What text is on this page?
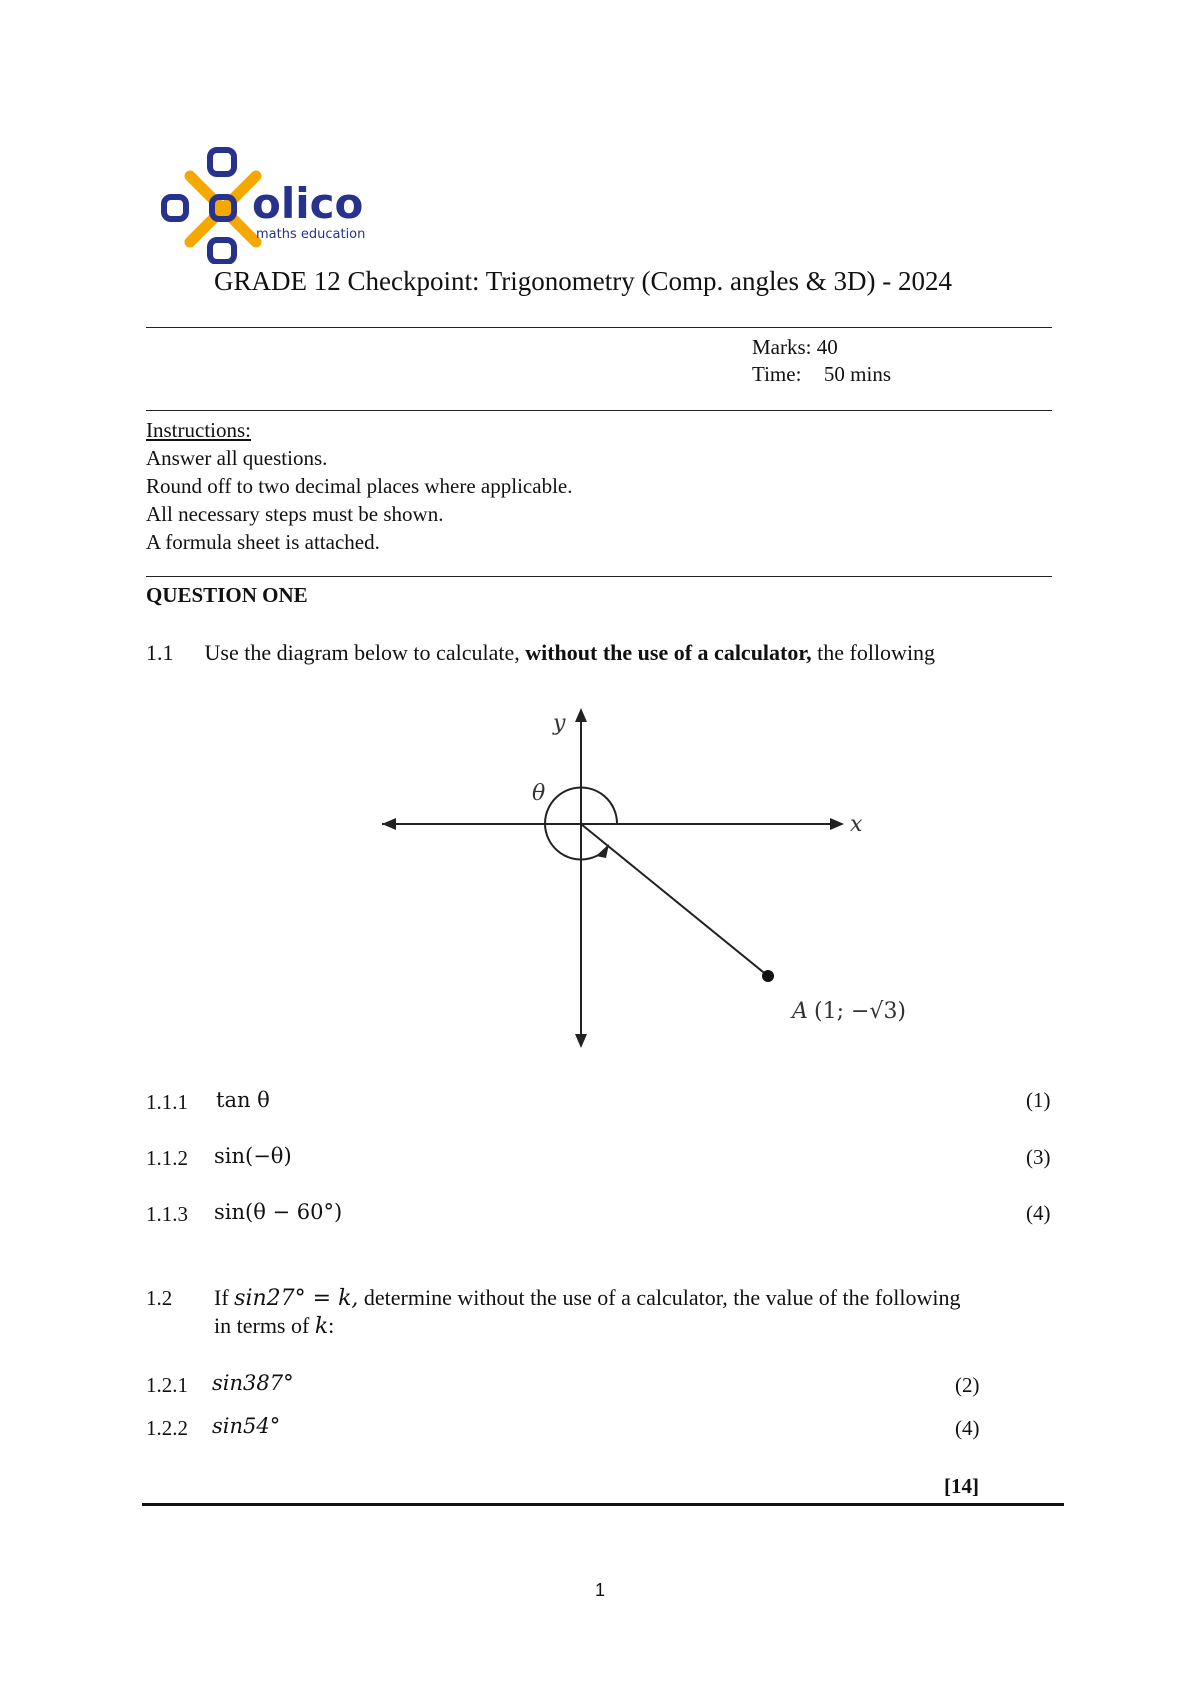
olico
maths education
GRADE 12 Checkpoint: Trigonometry (Comp. angles & 3D) - 2024
Marks: 40
Time: 50 mins
Instructions:
Answer all questions.
Round off to two decimal places where applicable.
All necessary steps must be shown.
A formula sheet is attached.
QUESTION ONE
1.1 Use the diagram below to calculate, without the use of a calculator, the following
y
x
θ
A (1; −√3)
1.1.1 tan θ	(1)
1.1.2 sin(−θ)	(3)
1.1.3 sin(θ − 60°)	(4)
1.2 If sin27° = k, determine without the use of a calculator, the value of the following
in terms of k:
1.2.1 sin387°	(2)
1.2.2 sin54°	(4)
[14]
1
